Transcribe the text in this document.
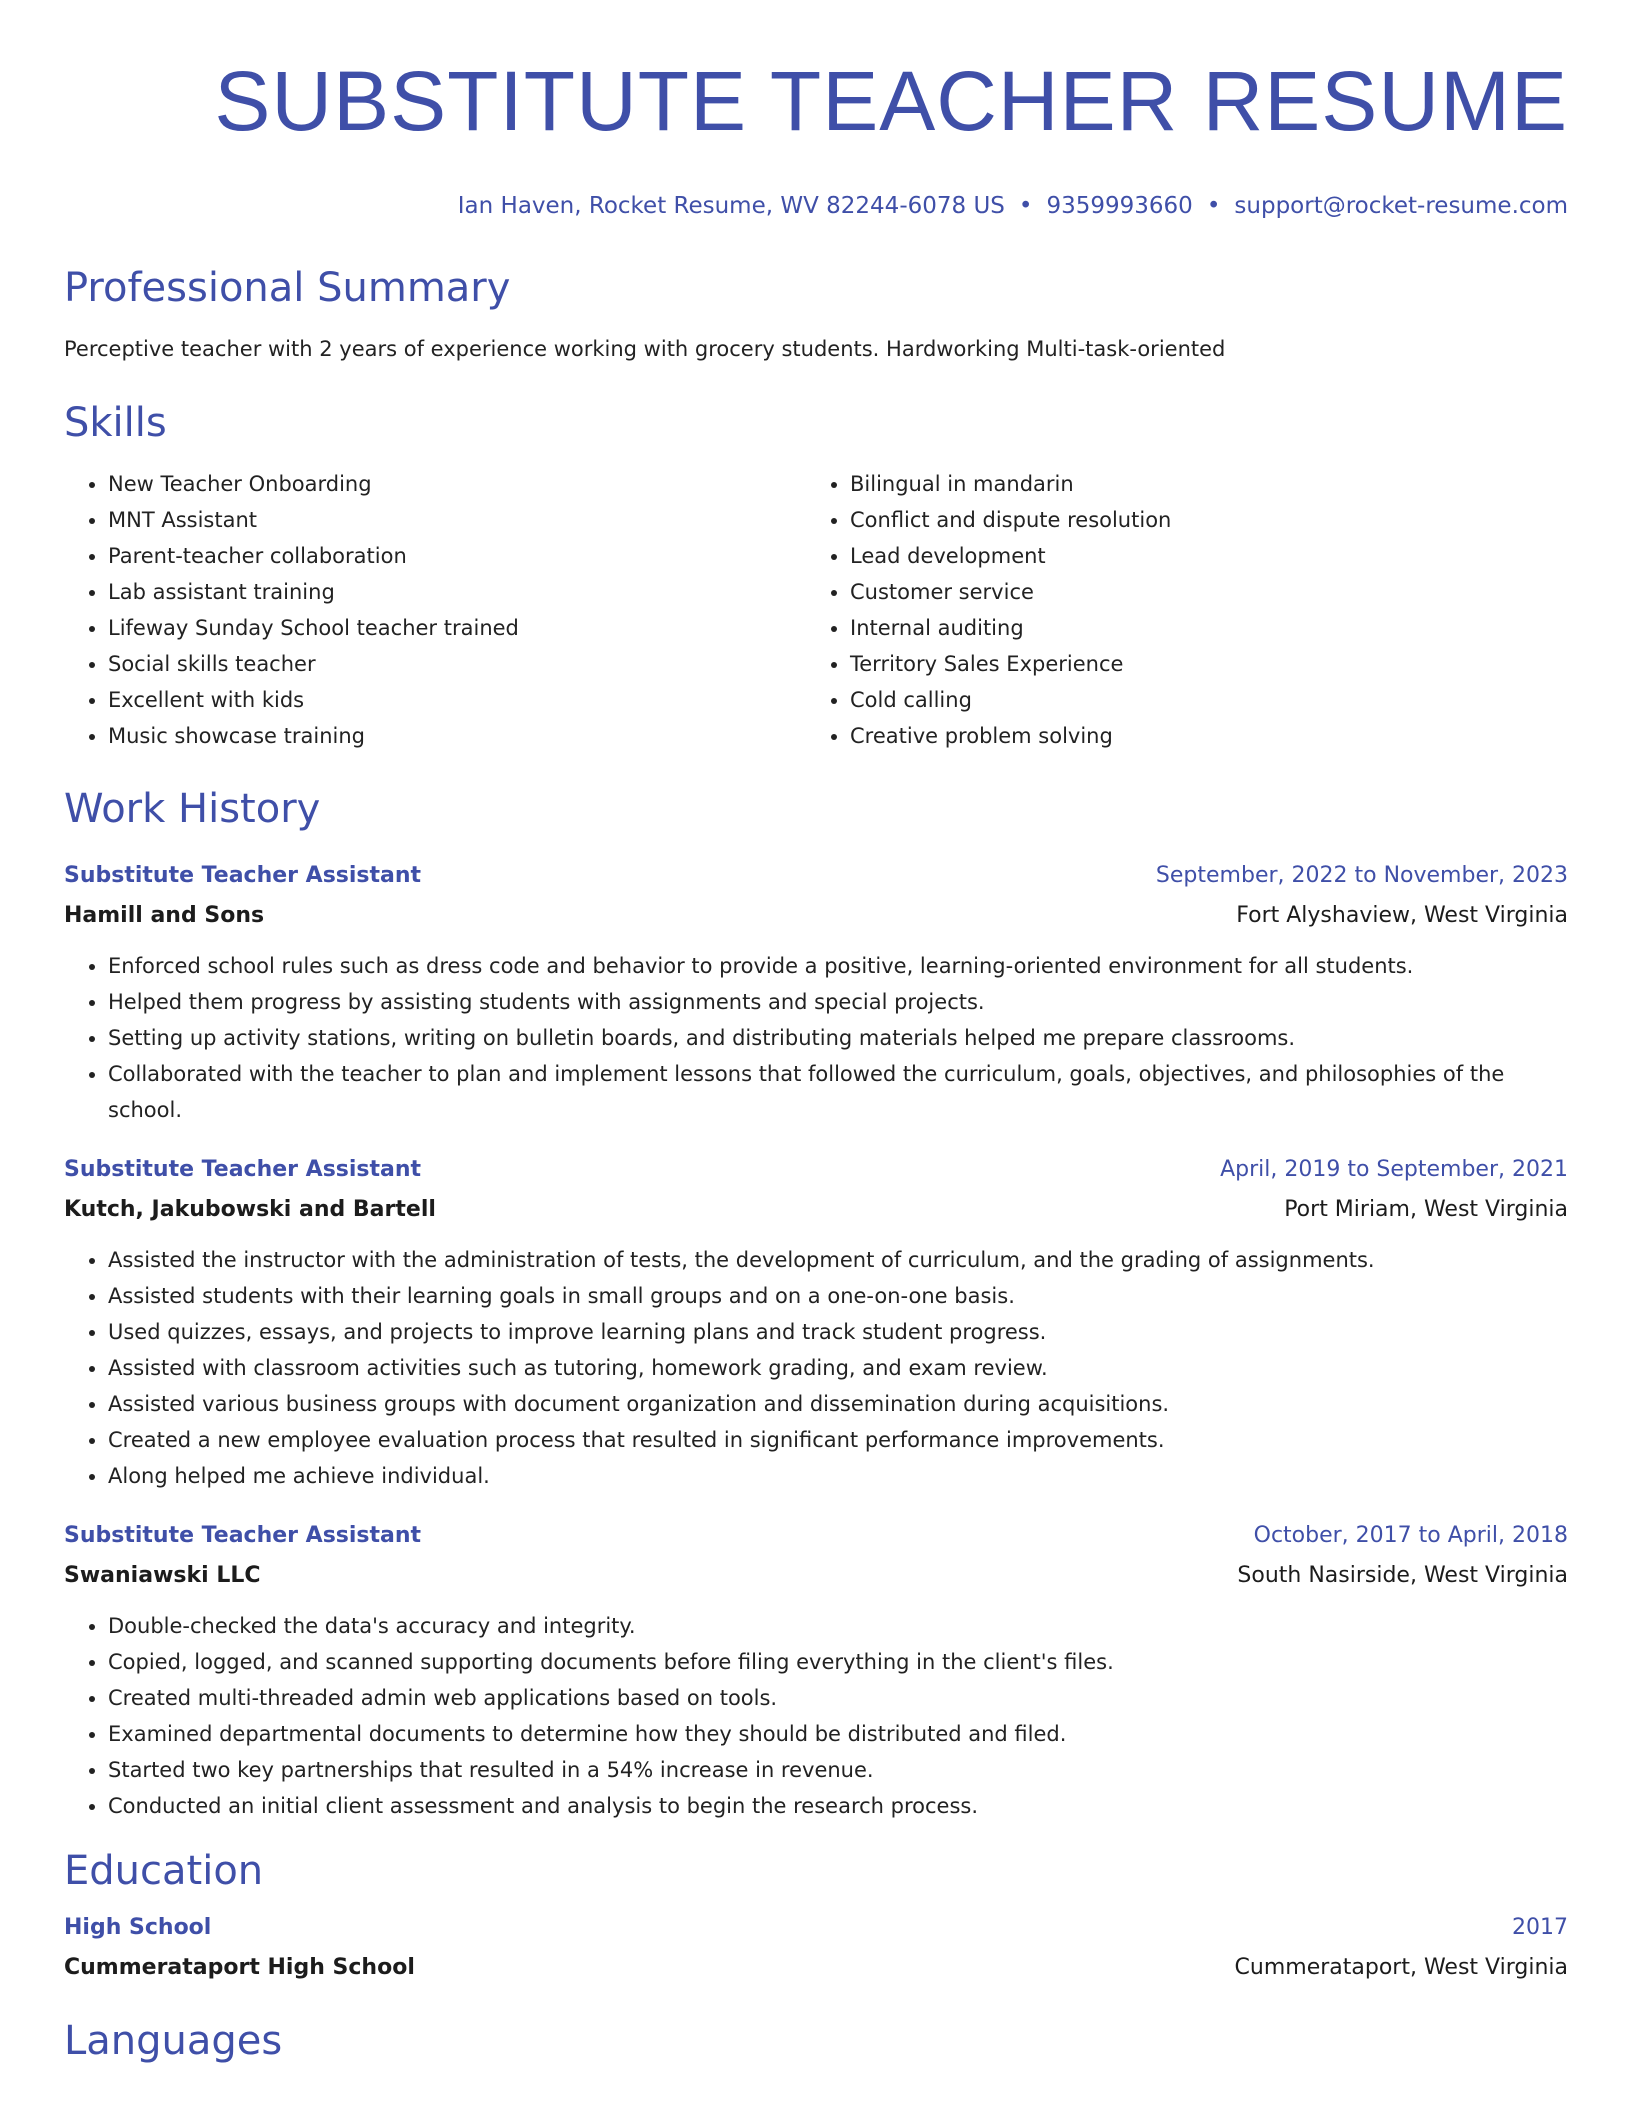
SUBSTITUTE TEACHER RESUME
Ian Haven, Rocket Resume, WV 82244-6078 US • 9359993660 • support@rocket-resume.com
Professional Summary
Perceptive teacher with 2 years of experience working with grocery students. Hardworking Multi-task-oriented
Skills
• New Teacher Onboarding
• MNT Assistant
• Parent-teacher collaboration
• Lab assistant training
• Lifeway Sunday School teacher trained
• Social skills teacher
• Excellent with kids
• Music showcase training
• Bilingual in mandarin
• Conflict and dispute resolution
• Lead development
• Customer service
• Internal auditing
• Territory Sales Experience
• Cold calling
• Creative problem solving
Work History
Substitute Teacher Assistant	September, 2022 to November, 2023
Hamill and Sons	Fort Alyshaview, West Virginia
• Enforced school rules such as dress code and behavior to provide a positive, learning-oriented environment for all students.
• Helped them progress by assisting students with assignments and special projects.
• Setting up activity stations, writing on bulletin boards, and distributing materials helped me prepare classrooms.
• Collaborated with the teacher to plan and implement lessons that followed the curriculum, goals, objectives, and philosophies of the school.
Substitute Teacher Assistant	April, 2019 to September, 2021
Kutch, Jakubowski and Bartell	Port Miriam, West Virginia
• Assisted the instructor with the administration of tests, the development of curriculum, and the grading of assignments.
• Assisted students with their learning goals in small groups and on a one-on-one basis.
• Used quizzes, essays, and projects to improve learning plans and track student progress.
• Assisted with classroom activities such as tutoring, homework grading, and exam review.
• Assisted various business groups with document organization and dissemination during acquisitions.
• Created a new employee evaluation process that resulted in significant performance improvements.
• Along helped me achieve individual.
Substitute Teacher Assistant	October, 2017 to April, 2018
Swaniawski LLC	South Nasirside, West Virginia
• Double-checked the data's accuracy and integrity.
• Copied, logged, and scanned supporting documents before filing everything in the client's files.
• Created multi-threaded admin web applications based on tools.
• Examined departmental documents to determine how they should be distributed and filed.
• Started two key partnerships that resulted in a 54% increase in revenue.
• Conducted an initial client assessment and analysis to begin the research process.
Education
High School	2017
Cummerataport High School	Cummerataport, West Virginia
Languages
